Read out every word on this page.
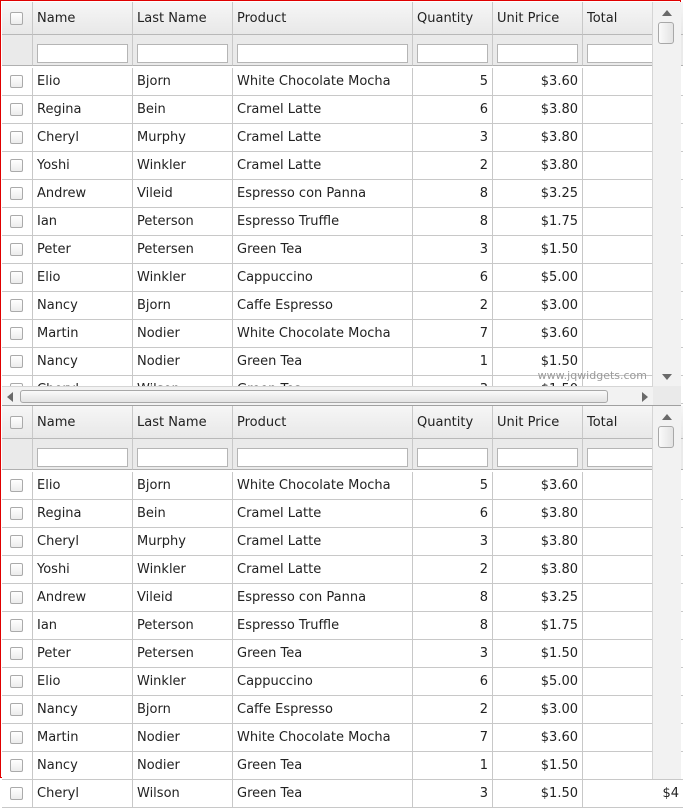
Name	Last Name	Product	Quantity	Unit Price	Total
Elio	Bjorn	White Chocolate Mocha	5	$3.60
Regina	Bein	Cramel Latte	6	$3.80
Cheryl	Murphy	Cramel Latte	3	$3.80
Yoshi	Winkler	Cramel Latte	2	$3.80
Andrew	Vileid	Espresso con Panna	8	$3.25
Ian	Peterson	Espresso Truffle	8	$1.75
Peter	Petersen	Green Tea	3	$1.50
Elio	Winkler	Cappuccino	6	$5.00
Nancy	Bjorn	Caffe Espresso	2	$3.00
Martin	Nodier	White Chocolate Mocha	7	$3.60
Nancy	Nodier	Green Tea	1	$1.50
www.jqwidgets.com
Name	Last Name	Product	Quantity	Unit Price	Total
Elio	Bjorn	White Chocolate Mocha	5	$3.60
Regina	Bein	Cramel Latte	6	$3.80
Cheryl	Murphy	Cramel Latte	3	$3.80
Yoshi	Winkler	Cramel Latte	2	$3.80
Andrew	Vileid	Espresso con Panna	8	$3.25
Ian	Peterson	Espresso Truffle	8	$1.75
Peter	Petersen	Green Tea	3	$1.50
Elio	Winkler	Cappuccino	6	$5.00
Nancy	Bjorn	Caffe Espresso	2	$3.00
Martin	Nodier	White Chocolate Mocha	7	$3.60
Nancy	Nodier	Green Tea	1	$1.50
Cheryl	Wilson	Green Tea	3	$1.50	$4
